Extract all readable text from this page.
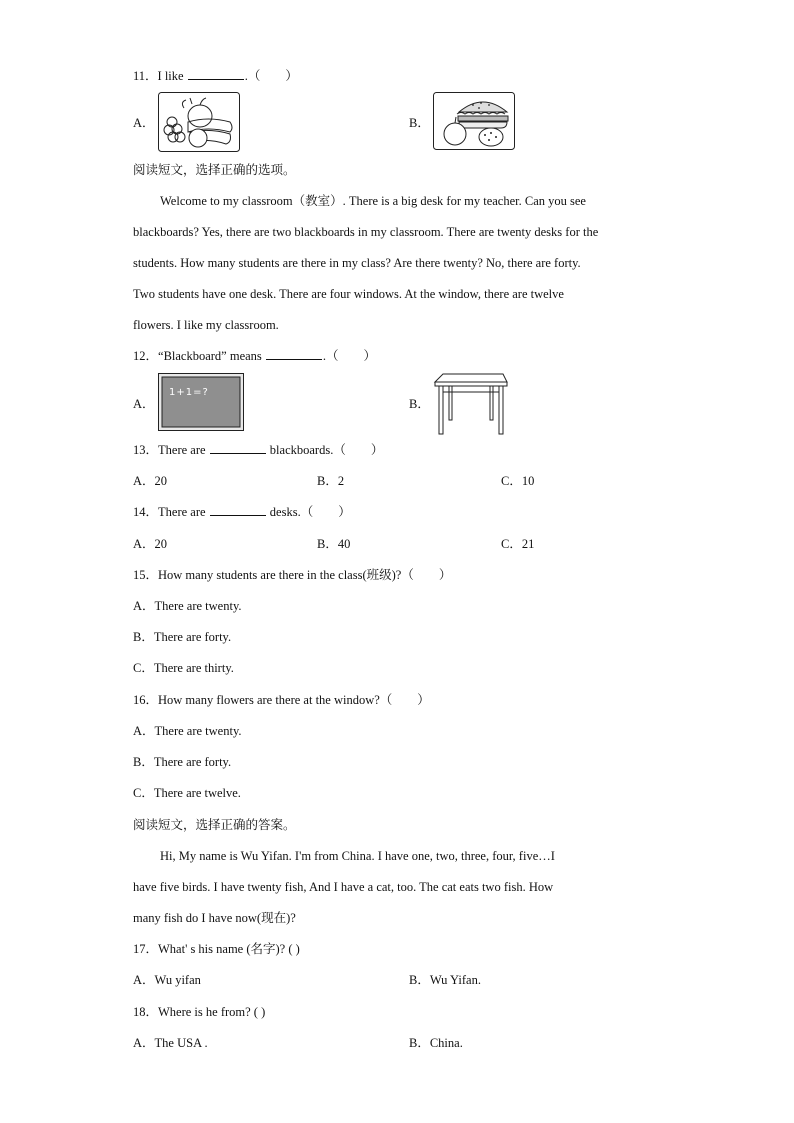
11．I like	.（　　）
A．	B．
阅读短文，选择正确的选项。
Welcome to my classroom（教室）. There is a big desk for my teacher. Can you see
blackboards? Yes, there are two blackboards in my classroom. There are twenty desks for the
students. How many students are there in my class? Are there twenty? No, there are forty.
Two students have one desk. There are four windows. At the window, there are twelve
flowers. I like my classroom.
12．“Blackboard” means	.（　　）
A．
1+1=?
B．
13．There are	blackboards.（　　）
A．20	B．2	C．10
14．There are	desks.（　　）
A．20	B．40	C．21
15．How many students are there in the class(班级)?（　　）
A．There are twenty.
B．There are forty.
C．There are thirty.
16．How many flowers are there at the window?（　　）
A．There are twenty.
B．There are forty.
C．There are twelve.
阅读短文，选择正确的答案。
Hi, My name is Wu Yifan. I'm from China. I have one, two, three, four, five…I
have five birds. I have twenty fish, And I have a cat, too. The cat eats two fish. How
many fish do I have now(现在)?
17．What' s his name (名字)? ( )
A．Wu yifan	B．Wu Yifan.
18．Where is he from? ( )
A．The USA .	B．China.
